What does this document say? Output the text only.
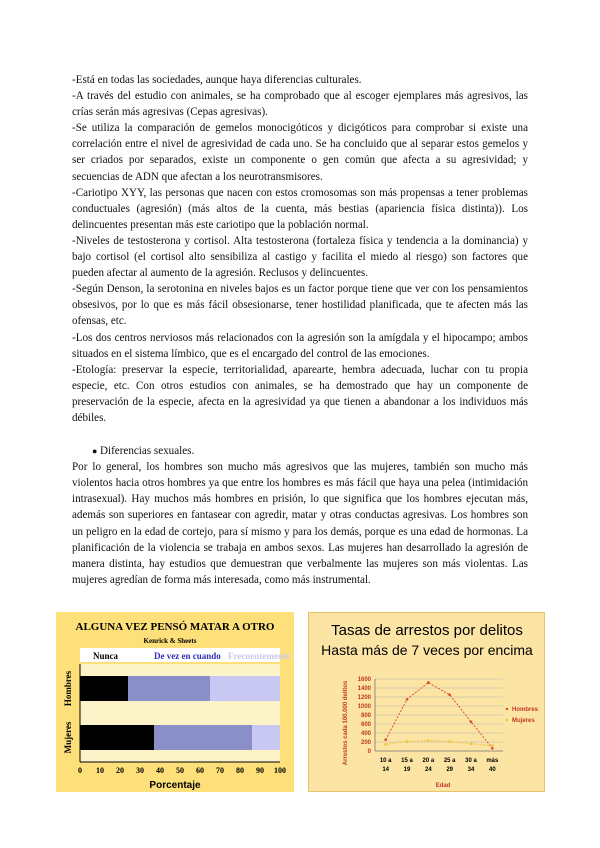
-Está en todas las sociedades, aunque haya diferencias culturales.

-A través del estudio con animales, se ha comprobado que al escoger ejemplares más agresivos, las crías serán más agresivas (Cepas agresivas).

-Se utiliza la comparación de gemelos monocigóticos y dicigóticos para comprobar si existe una correlación entre el nivel de agresividad de cada uno. Se ha concluido que al separar estos gemelos y ser criados por separados, existe un componente o gen común que afecta a su agresividad; y secuencias de ADN que afectan a los neurotransmisores.

-Cariotipo XYY, las personas que nacen con estos cromosomas son más propensas a tener problemas conductuales (agresión) (más altos de la cuenta, más bestias (apariencia física distinta)). Los delincuentes presentan más este cariotipo que la población normal.

-Niveles de testosterona y cortisol. Alta testosterona (fortaleza física y tendencia a la dominancia) y bajo cortisol (el cortisol alto sensibiliza al castigo y facilita el miedo al riesgo) son factores que pueden afectar al aumento de la agresión. Reclusos y delincuentes.

-Según Denson, la serotonina en niveles bajos es un factor porque tiene que ver con los pensamientos obsesivos, por lo que es más fácil obsesionarse, tener hostilidad planificada, que te afecten más las ofensas, etc.

-Los dos centros nerviosos más relacionados con la agresión son la amígdala y el hipocampo; ambos situados en el sistema límbico, que es el encargado del control de las emociones.

-Etología: preservar la especie, territorialidad, aparearte, hembra adecuada, luchar con tu propia especie, etc. Con otros estudios con animales, se ha demostrado que hay un componente de preservación de la especie, afecta en la agresividad ya que tienen a abandonar a los individuos más débiles.

● Diferencias sexuales.

Por lo general, los hombres son mucho más agresivos que las mujeres, también son mucho más violentos hacia otros hombres ya que entre los hombres es más fácil que haya una pelea (intimidación intrasexual). Hay muchos más hombres en prisión, lo que significa que los hombres ejecutan más, además son superiores en fantasear con agredir, matar y otras conductas agresivas. Los hombres son un peligro en la edad de cortejo, para sí mismo y para los demás, porque es una edad de hormonas. La planificación de la violencia se trabaja en ambos sexos. Las mujeres han desarrollado la agresión de manera distinta, hay estudios que demuestran que verbalmente las mujeres son más violentas. Las mujeres agredían de forma más interesada, como más instrumental.

ALGUNA VEZ PENSÓ MATAR A OTRO
Kenrick & Sheets
Nunca	De vez en cuando Frecuentemente
Hombres
Mujeres
0 10 20 30 40 50 60 70 80 90 100
Porcentaje
Tasas de arrestos por delitos
Hasta más de 7 veces por encima
Arrestos cada 100.000 delitos	0
200
400
600
800
1000
1200
1400
1600
10 a
14
15 a
19
20 a
24
25 a
29
30 a
34
más
40
Edad
Hombres
Mujeres
